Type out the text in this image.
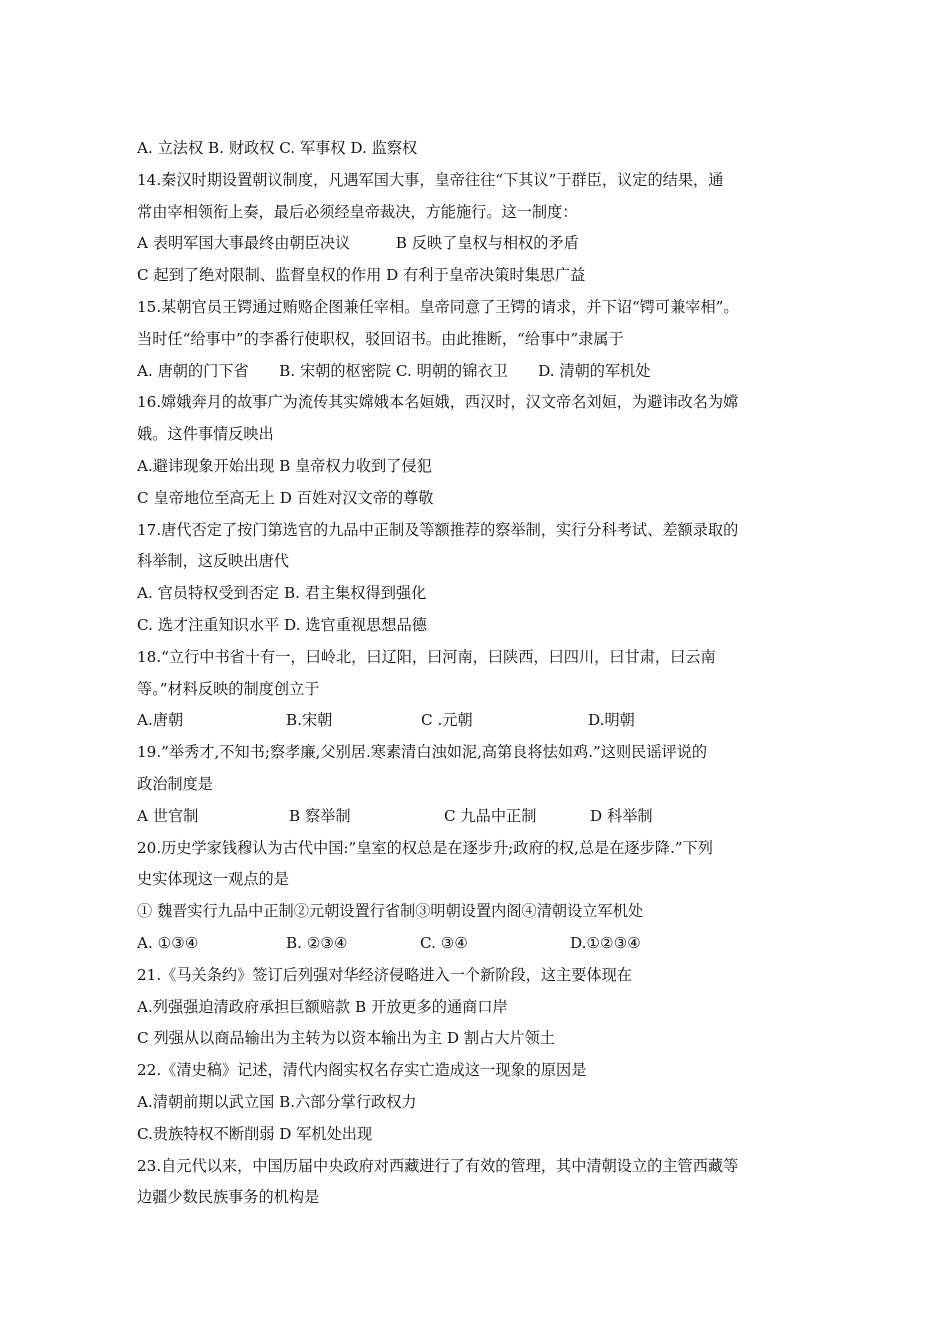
A. 立法权 B. 财政权 C. 军事权 D. 监察权
14.秦汉时期设置朝议制度，凡遇军国大事，皇帝往往“下其议”于群臣，议定的结果，通
常由宰相领衔上奏，最后必须经皇帝裁决，方能施行。这一制度：
A 表明军国大事最终由朝臣决议　　　B 反映了皇权与相权的矛盾
C 起到了绝对限制、监督皇权的作用 D 有利于皇帝决策时集思广益
15.某朝官员王锷通过贿赂企图兼任宰相。皇帝同意了王锷的请求，并下诏“锷可兼宰相”。
当时任“给事中”的李番行使职权，驳回诏书。由此推断，“给事中”隶属于
A. 唐朝的门下省　　B. 宋朝的枢密院 C. 明朝的锦衣卫　　D. 清朝的军机处
16.嫦娥奔月的故事广为流传其实嫦娥本名姮娥，西汉时，汉文帝名刘姮，为避讳改名为嫦
娥。这件事情反映出
A.避讳现象开始出现 B 皇帝权力收到了侵犯
C 皇帝地位至高无上 D 百姓对汉文帝的尊敬
17.唐代否定了按门第选官的九品中正制及等额推荐的察举制，实行分科考试、差额录取的
科举制，这反映出唐代
A. 官员特权受到否定 B. 君主集权得到强化
C. 选才注重知识水平 D. 选官重视思想品德
18.“立行中书省十有一，曰岭北，曰辽阳，曰河南，曰陕西，曰四川，曰甘肃，曰云南
等。”材料反映的制度创立于
A.唐朝	B.宋朝	C .元朝	D.明朝
19.”举秀才,不知书;察孝廉,父别居.寒素清白浊如泥,高第良将怯如鸡.”这则民谣评说的
政治制度是
A 世官制	B 察举制	C 九品中正制	D 科举制
20.历史学家钱穆认为古代中国:”皇室的权总是在逐步升;政府的权,总是在逐步降.”下列
史实体现这一观点的是
① 魏晋实行九品中正制②元朝设置行省制③明朝设置内阁④清朝设立军机处
A. ①③④	B. ②③④	C. ③④	D.①②③④
21.《马关条约》签订后列强对华经济侵略进入一个新阶段，这主要体现在
A.列强强迫清政府承担巨额赔款 B 开放更多的通商口岸
C 列强从以商品输出为主转为以资本输出为主 D 割占大片领土
22.《清史稿》记述，清代内阁实权名存实亡造成这一现象的原因是
A.清朝前期以武立国 B.六部分掌行政权力
C.贵族特权不断削弱 D 军机处出现
23.自元代以来，中国历届中央政府对西藏进行了有效的管理，其中清朝设立的主管西藏等
边疆少数民族事务的机构是
